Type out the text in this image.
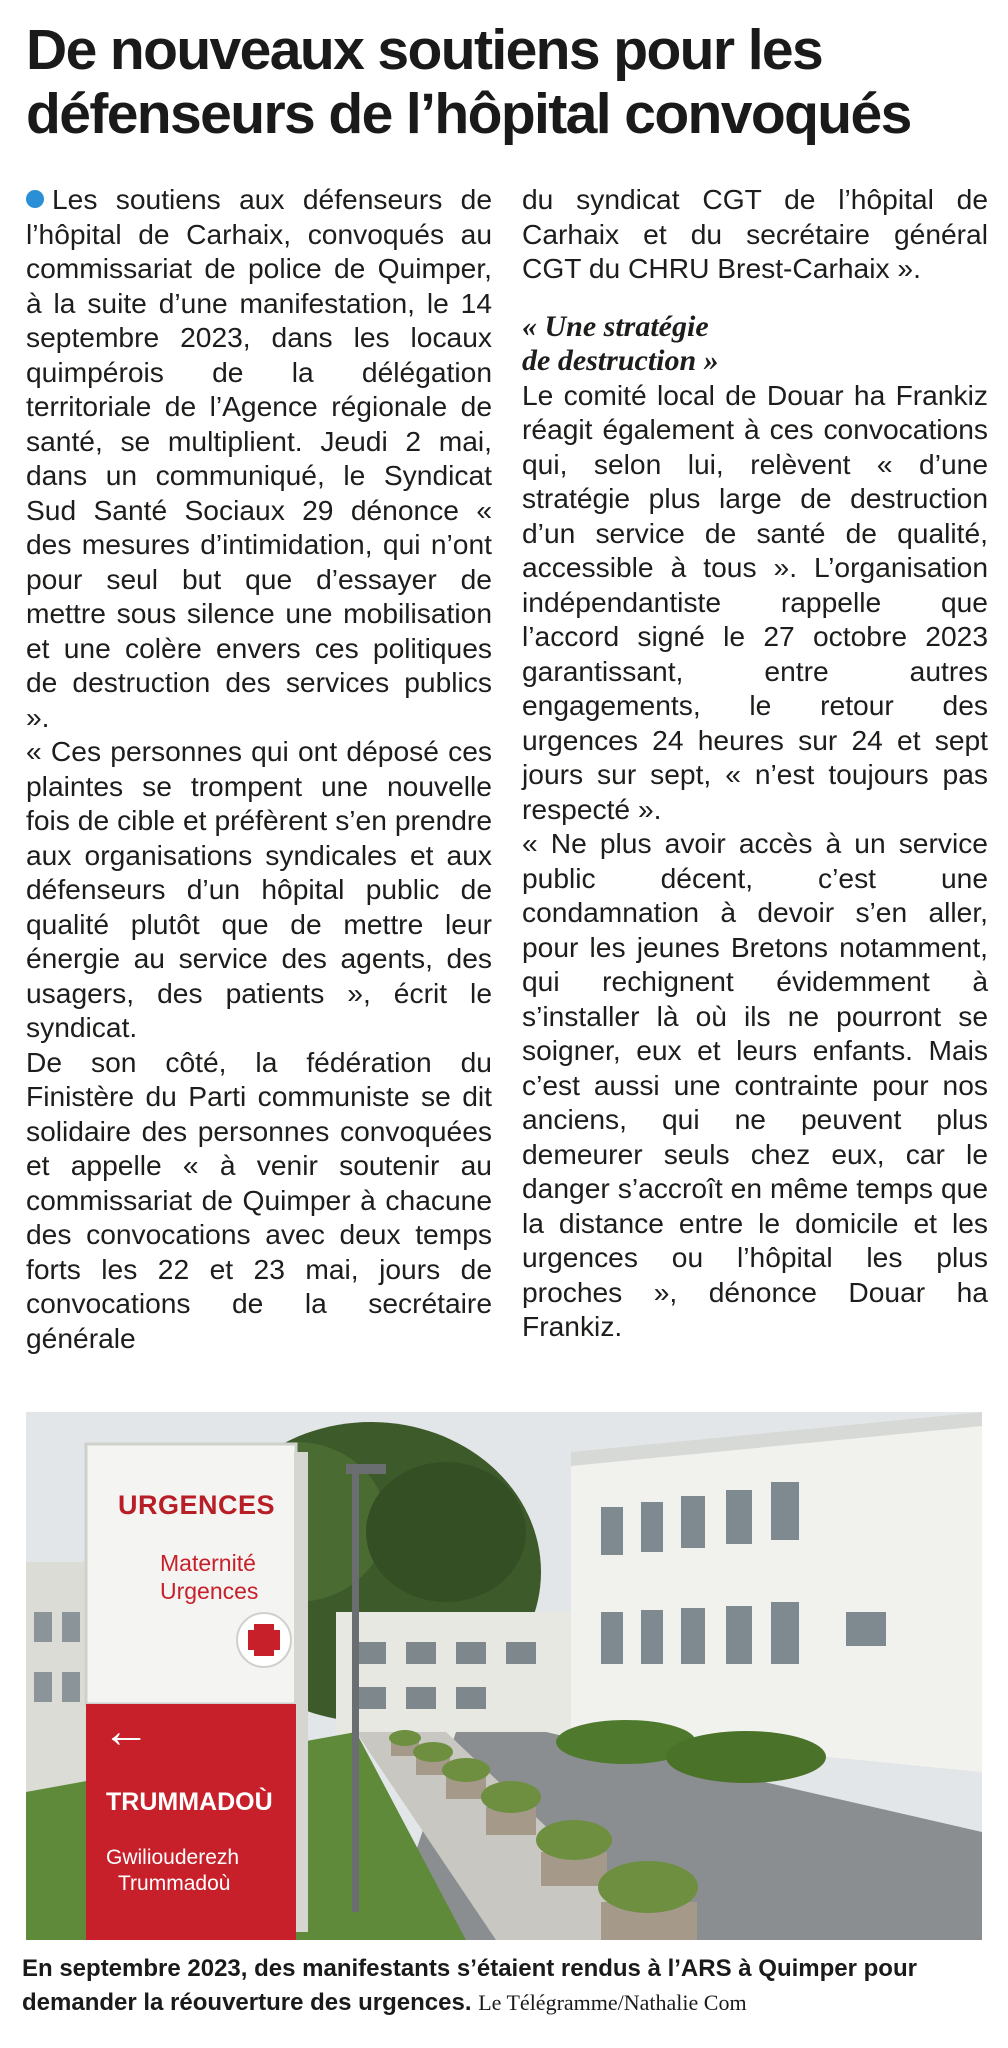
De nouveaux soutiens pour les défenseurs de l’hôpital convoqués

Les soutiens aux défenseurs de l’hôpital de Carhaix, convoqués au commissariat de police de Quimper, à la suite d’une manifestation, le 14 septembre 2023, dans les locaux quimpérois de la délégation territoriale de l’Agence régionale de santé, se multiplient. Jeudi 2 mai, dans un communiqué, le Syndicat Sud Santé Sociaux 29 dénonce « des mesures d’intimidation, qui n’ont pour seul but que d’essayer de mettre sous silence une mobilisation et une colère envers ces politiques de destruction des services publics ».

« Ces personnes qui ont déposé ces plaintes se trompent une nouvelle fois de cible et préfèrent s’en prendre aux organisations syndicales et aux défenseurs d’un hôpital public de qualité plutôt que de mettre leur énergie au service des agents, des usagers, des patients », écrit le syndicat.

De son côté, la fédération du Finistère du Parti communiste se dit solidaire des personnes convoquées et appelle « à venir soutenir au commissariat de Quimper à chacune des convocations avec deux temps forts les 22 et 23 mai, jours de convocations de la secrétaire générale

du syndicat CGT de l’hôpital de Carhaix et du secrétaire général CGT du CHRU Brest-Carhaix ».

« Une stratégie
de destruction »

Le comité local de Douar ha Frankiz réagit également à ces convocations qui, selon lui, relèvent « d’une stratégie plus large de destruction d’un service de santé de qualité, accessible à tous ». L’organisation indépendantiste rappelle que l’accord signé le 27 octobre 2023 garantissant, entre autres engagements, le retour des urgences 24 heures sur 24 et sept jours sur sept, « n’est toujours pas respecté ».

« Ne plus avoir accès à un service public décent, c’est une condamnation à devoir s’en aller, pour les jeunes Bretons notamment, qui rechignent évidemment à s’installer là où ils ne pourront se soigner, eux et leurs enfants. Mais c’est aussi une contrainte pour nos anciens, qui ne peuvent plus demeurer seuls chez eux, car le danger s’accroît en même temps que la distance entre le domicile et les urgences ou l’hôpital les plus proches », dénonce Douar ha Frankiz.

URGENCES
Maternité
Urgences
←
TRUMMADOÙ
Gwiliouderezh
Trummadoù
En septembre 2023, des manifestants s’étaient rendus à l’ARS à Quimper pour demander la réouverture des urgences. Le Télégramme/Nathalie Com
